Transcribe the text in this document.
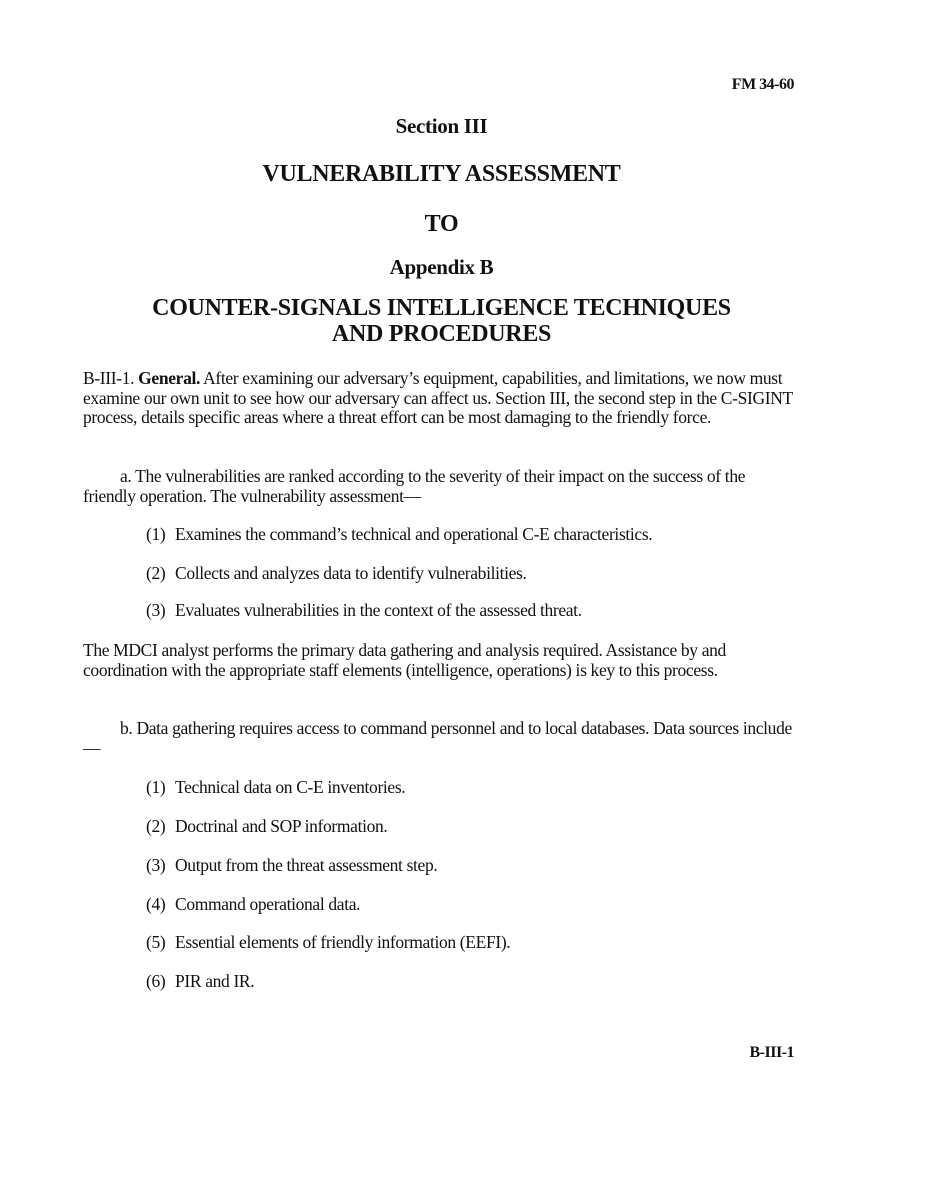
FM 34-60
Section III
VULNERABILITY ASSESSMENT
TO
Appendix B
COUNTER-SIGNALS INTELLIGENCE TECHNIQUES AND PROCEDURES
B-III-1. General. After examining our adversary’s equipment, capabilities, and limitations, we now must examine our own unit to see how our adversary can affect us. Section III, the second step in the C-SIGINT process, details specific areas where a threat effort can be most damaging to the friendly force.
a. The vulnerabilities are ranked according to the severity of their impact on the success of the friendly operation. The vulnerability assessment—
(1) Examines the command’s technical and operational C-E characteristics.
(2) Collects and analyzes data to identify vulnerabilities.
(3) Evaluates vulnerabilities in the context of the assessed threat.
The MDCI analyst performs the primary data gathering and analysis required. Assistance by and coordination with the appropriate staff elements (intelligence, operations) is key to this process.
b. Data gathering requires access to command personnel and to local databases. Data sources include—
(1) Technical data on C-E inventories.
(2) Doctrinal and SOP information.
(3) Output from the threat assessment step.
(4) Command operational data.
(5) Essential elements of friendly information (EEFI).
(6) PIR and IR.
B-III-1
